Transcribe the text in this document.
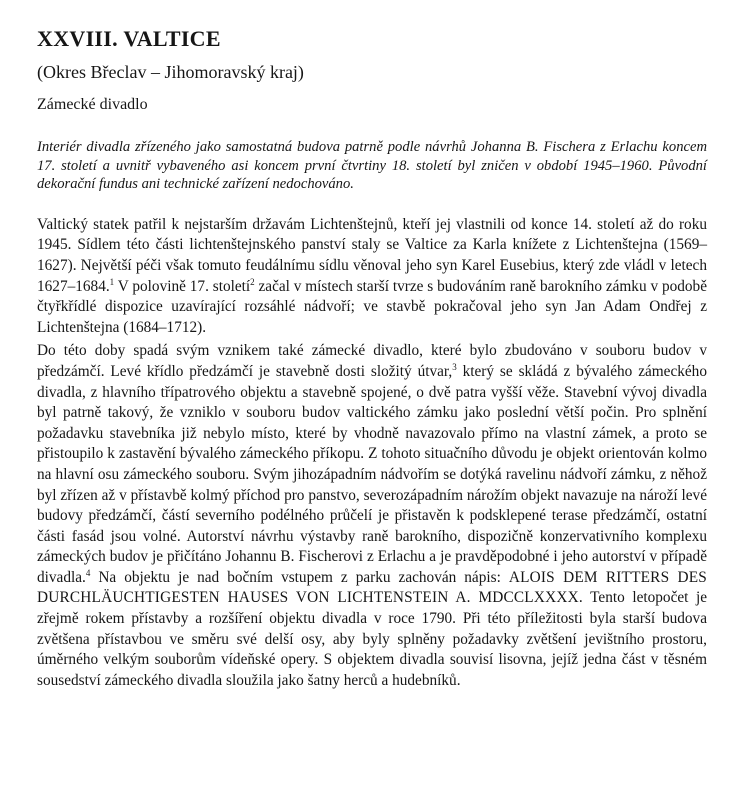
XXVIII. VALTICE
(Okres Břeclav – Jihomoravský kraj)
Zámecké divadlo
Interiér divadla zřízeného jako samostatná budova patrně podle návrhů Johanna B. Fischera z Erlachu koncem 17. století a uvnitř vybaveného asi koncem první čtvrtiny 18. století byl zničen v období 1945–1960. Původní dekorační fundus ani technické zařízení nedochováno.

Valtický statek patřil k nejstarším državám Lichtenštejnů, kteří jej vlastnili od konce 14. století až do roku 1945. Sídlem této části lichtenštejnského panství staly se Valtice za Karla knížete z Lichtenštejna (1569–1627). Největší péči však tomuto feudálnímu sídlu věnoval jeho syn Karel Eusebius, který zde vládl v letech 1627–1684.$^1$ V polovině 17. století$^2$ začal v místech starší tvrze s budováním raně barokního zámku v podobě čtyřkřídlé dispozice uzavírající rozsáhlé nádvoří; ve stavbě pokračoval jeho syn Jan Adam Ondřej z Lichtenštejna (1684–1712).

Do této doby spadá svým vznikem také zámecké divadlo, které bylo zbudováno v souboru budov v předzámčí. Levé křídlo předzámčí je stavebně dosti složitý útvar,$^3$ který se skládá z bývalého zámeckého divadla, z hlavního třípatrového objektu a stavebně spojené, o dvě patra vyšší věže. Stavební vývoj divadla byl patrně takový, že vzniklo v souboru budov valtického zámku jako poslední větší počin. Pro splnění požadavku stavebníka již nebylo místo, které by vhodně navazovalo přímo na vlastní zámek, a proto se přistoupilo k zastavění bývalého zámeckého příkopu. Z tohoto situačního důvodu je objekt orientován kolmo na hlavní osu zámeckého souboru. Svým jihozápadním nádvořím se dotýká ravelinu nádvoří zámku, z něhož byl zřízen až v přístavbě kolmý příchod pro panstvo, severozápadním nárožím objekt navazuje na nároží levé budovy předzámčí, částí severního podélného průčelí je přistavěn k podsklepené terase předzámčí, ostatní části fasád jsou volné. Autorství návrhu výstavby raně barokního, dispozičně konzervativního komplexu zámeckých budov je přičítáno Johannu B. Fischerovi z Erlachu a je pravděpodobné i jeho autorství v případě divadla.$^4$ Na objektu je nad bočním vstupem z parku zachován nápis: ALOIS DEM RITTERS DES DURCHLÄUCHTIGESTEN HAUSES VON LICHTENSTEIN A. MDCCLXXXX. Tento letopočet je zřejmě rokem přístavby a rozšíření objektu divadla v roce 1790. Při této příležitosti byla starší budova zvětšena přístavbou ve směru své delší osy, aby byly splněny požadavky zvětšení jevištního prostoru, úměrného velkým souborům vídeňské opery. S objektem divadla souvisí lisovna, jejíž jedna část v těsném sousedství zámeckého divadla sloužila jako šatny herců a hudebníků.
